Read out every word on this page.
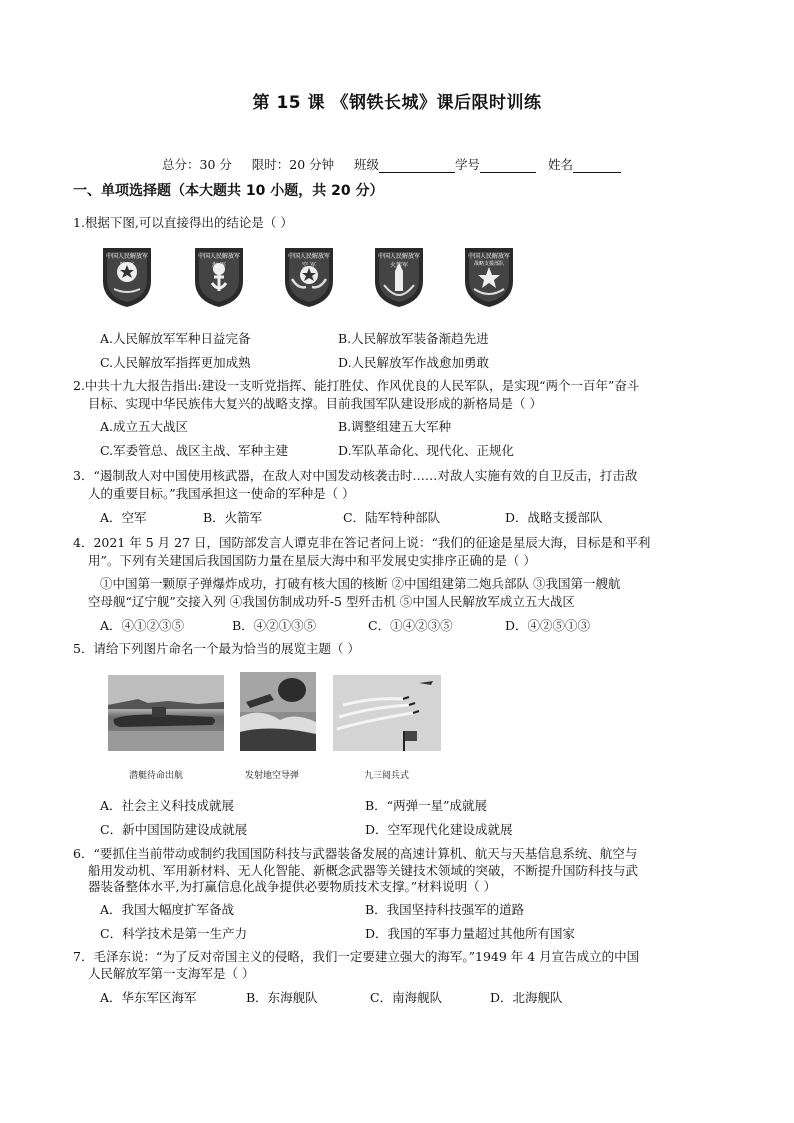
第 15 课 《钢铁长城》课后限时训练
总分：30 分 限时：20 分钟 班级	学号	姓名
一、单项选择题（本大题共 10 小题，共 20 分）
1.根据下图,可以直接得出的结论是（ ）
中国人民解放军
陆 军
中国人民解放军
海 军
中国人民解放军
空 军
中国人民解放军
火箭军
中国人民解放军
战略支援部队
A.人民解放军军种日益完备	B.人民解放军装备渐趋先进
C.人民解放军指挥更加成熟	D.人民解放军作战愈加勇敢
2.中共十九大报告指出:建设一支听党指挥、能打胜仗、作风优良的人民军队，是实现“两个一百年”奋斗
目标、实现中华民族伟大复兴的战略支撑。目前我国军队建设形成的新格局是（ ）
A.成立五大战区	B.调整组建五大军种
C.军委管总、战区主战、军种主建	D.军队革命化、现代化、正规化
3．“遏制敌人对中国使用核武器，在敌人对中国发动核袭击时……对敌人实施有效的自卫反击，打击敌
人的重要目标。”我国承担这一使命的军种是（ ）
A．空军	B．火箭军	C．陆军特种部队	D．战略支援部队
4．2021 年 5 月 27 日，国防部发言人谭克非在答记者问上说：“我们的征途是星辰大海，目标是和平利
用”。下列有关建国后我国国防力量在星辰大海中和平发展史实排序正确的是（ ）
①中国第一颗原子弹爆炸成功，打破有核大国的核断 ②中国组建第二炮兵部队 ③我国第一艘航
空母舰“辽宁舰”交接入列 ④我国仿制成功歼-5 型歼击机 ⑤中国人民解放军成立五大战区
A．④①②③⑤	B．④②①③⑤	C．①④②③⑤	D．④②⑤①③
5．请给下列图片命名一个最为恰当的展览主题（ ）
潜艇待命出航	发射地空导弹	九三阅兵式
A．社会主义科技成就展	B．“两弹一星”成就展
C．新中国国防建设成就展	D．空军现代化建设成就展
6．“要抓住当前带动或制约我国国防科技与武器装备发展的高速计算机、航天与天基信息系统、航空与
船用发动机、军用新材料、无人化智能、新概念武器等关键技术领域的突破，不断提升国防科技与武
器装备整体水平,为打赢信息化战争提供必要物质技术支撑。”材料说明（ ）
A．我国大幅度扩军备战	B．我国坚持科技强军的道路
C．科学技术是第一生产力	D．我国的军事力量超过其他所有国家
7．毛泽东说：“为了反对帝国主义的侵略，我们一定要建立强大的海军。”1949 年 4 月宣告成立的中国
人民解放军第一支海军是（ ）
A．华东军区海军	B．东海舰队	C．南海舰队	D．北海舰队
